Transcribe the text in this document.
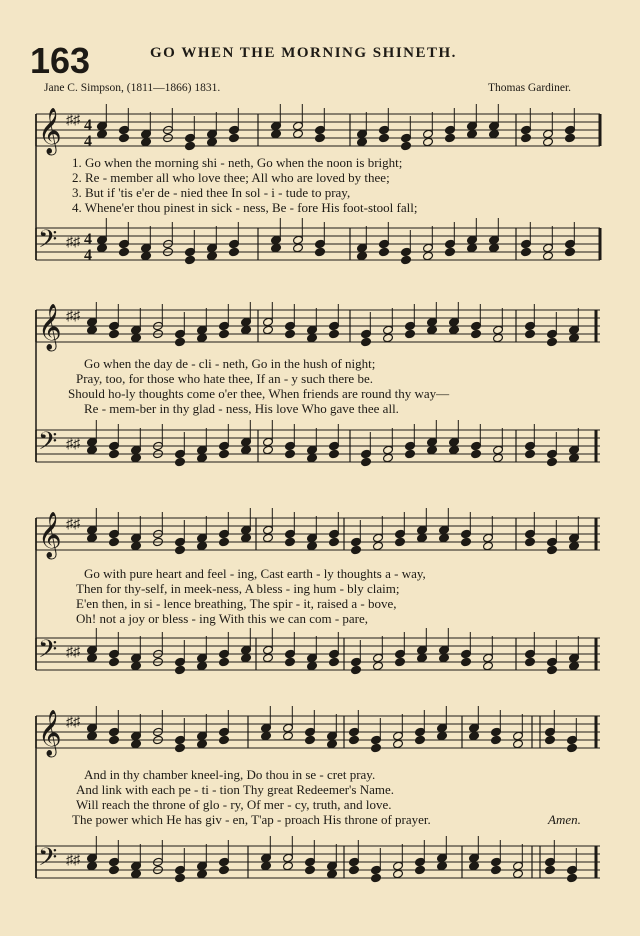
163	GO WHEN THE MORNING SHINETH.
Jane C. Simpson, (1811—1866) 1831.	Thomas Gardiner.
𝄞 ♯♯ 4
4
𝄢 ♯♯ 4
4
1. Go when the morning shi - neth, Go when the noon is bright;
2. Re - member all who love thee; All who are loved by thee;
3. But if 'tis e'er de - nied thee In sol - i - tude to pray,
4. Whene'er thou pinest in sick - ness, Be - fore His foot-stool fall;
𝄞 ♯♯
𝄢 ♯♯
Go when the day de - cli - neth, Go in the hush of night;
Pray, too, for those who hate thee, If an - y such there be.
Should ho-ly thoughts come o'er thee, When friends are round thy way—
Re - mem-ber in thy glad - ness, His love Who gave thee all.
𝄞 ♯♯
𝄢 ♯♯
Go with pure heart and feel - ing, Cast earth - ly thoughts a - way,
Then for thy-self, in meek-ness, A bless - ing hum - bly claim;
E'en then, in si - lence breathing, The spir - it, raised a - bove,
Oh! not a joy or bless - ing With this we can com - pare,
𝄞 ♯♯
𝄢 ♯♯
And in thy chamber kneel-ing, Do thou in se - cret pray.
And link with each pe - ti - tion Thy great Redeemer's Name.
Will reach the throne of glo - ry, Of mer - cy, truth, and love.
The power which He has giv - en, T'ap - proach His throne of prayer.	Amen.
